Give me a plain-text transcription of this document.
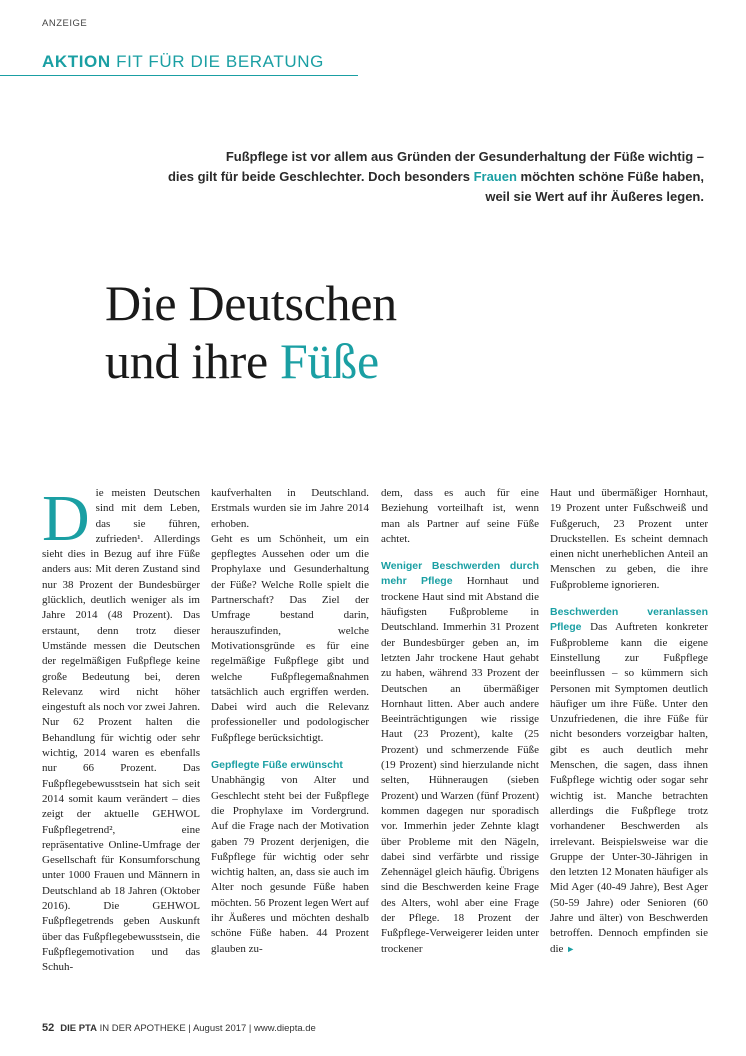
ANZEIGE
AKTION FIT FÜR DIE BERATUNG
Fußpflege ist vor allem aus Gründen der Gesunderhaltung der Füße wichtig –
dies gilt für beide Geschlechter. Doch besonders Frauen möchten schöne Füße haben,
weil sie Wert auf ihr Äußeres legen.
Die Deutschen
und ihre Füße
D ie meisten Deutschen sind mit dem Leben, das sie führen, zufrieden¹. Allerdings sieht dies in Bezug auf ihre Füße anders aus: Mit deren Zustand sind nur 38 Prozent der Bundesbürger glücklich, deutlich weniger als im Jahre 2014 (48 Prozent). Das erstaunt, denn trotz dieser Umstände messen die Deutschen der regelmäßigen Fußpflege keine große Bedeutung bei, deren Relevanz wird nicht höher eingestuft als noch vor zwei Jahren. Nur 62 Prozent halten die Behandlung für wichtig oder sehr wichtig, 2014 waren es ebenfalls nur 66 Prozent. Das Fußpflegebewusstsein hat sich seit 2014 somit kaum verändert – dies zeigt der aktuelle GEHWOL Fußpflegetrend², eine repräsentative Online-Umfrage der Gesellschaft für Konsumforschung unter 1000 Frauen und Männern in Deutschland ab 18 Jahren (Oktober 2016). Die GEHWOL Fußpflegetrends geben Auskunft über das Fußpflegebewusstsein, die Fußpflegemotivation und das Schuh-

kaufverhalten in Deutschland. Erstmals wurden sie im Jahre 2014 erhoben.

Geht es um Schönheit, um ein gepflegtes Aussehen oder um die Prophylaxe und Gesunderhaltung der Füße? Welche Rolle spielt die Partnerschaft? Das Ziel der Umfrage bestand darin, herauszufinden, welche Motivationsgründe es für eine regelmäßige Fußpflege gibt und welche Fußpflegemaßnahmen tatsächlich auch ergriffen werden. Dabei wird auch die Relevanz professioneller und podologischer Fußpflege berücksichtigt.

Gepflegte Füße erwünscht

Unabhängig von Alter und Geschlecht steht bei der Fußpflege die Prophylaxe im Vordergrund. Auf die Frage nach der Motivation gaben 79 Prozent derjenigen, die Fußpflege für wichtig oder sehr wichtig halten, an, dass sie auch im Alter noch gesunde Füße haben möchten. 56 Prozent legen Wert auf ihr Äußeres und möchten deshalb schöne Füße haben. 44 Prozent glauben zu-

dem, dass es auch für eine Beziehung vorteilhaft ist, wenn man als Partner auf seine Füße achtet.

Weniger Beschwerden durch mehr Pflege Hornhaut und trockene Haut sind mit Abstand die häufigsten Fußprobleme in Deutschland. Immerhin 31 Prozent der Bundesbürger geben an, im letzten Jahr trockene Haut gehabt zu haben, während 33 Prozent der Deutschen an übermäßiger Hornhaut litten. Aber auch andere Beeinträchtigungen wie rissige Haut (23 Prozent), kalte (25 Prozent) und schmerzende Füße (19 Prozent) sind hierzulande nicht selten, Hühneraugen (sieben Prozent) und Warzen (fünf Prozent) kommen dagegen nur sporadisch vor. Immerhin jeder Zehnte klagt über Probleme mit den Nägeln, dabei sind verfärbte und rissige Zehennägel gleich häufig. Übrigens sind die Beschwerden keine Frage des Alters, wohl aber eine Frage der Pflege. 18 Prozent der Fußpflege-Verweigerer leiden unter trockener

Haut und übermäßiger Hornhaut, 19 Prozent unter Fußschweiß und Fußgeruch, 23 Prozent unter Druckstellen. Es scheint demnach einen nicht unerheblichen Anteil an Menschen zu geben, die ihre Fußprobleme ignorieren.

Beschwerden veranlassen Pflege Das Auftreten konkreter Fußprobleme kann die eigene Einstellung zur Fußpflege beeinflussen – so kümmern sich Personen mit Symptomen deutlich häufiger um ihre Füße. Unter den Unzufriedenen, die ihre Füße für nicht besonders vorzeigbar halten, gibt es auch deutlich mehr Menschen, die sagen, dass ihnen Fußpflege wichtig oder sogar sehr wichtig ist. Manche betrachten allerdings die Fußpflege trotz vorhandener Beschwerden als irrelevant. Beispielsweise war die Gruppe der Unter-30-Jährigen in den letzten 12 Monaten häufiger als Mid Ager (40-49 Jahre), Best Ager (50-59 Jahre) oder Senioren (60 Jahre und älter) von Beschwerden betroffen. Dennoch empfinden sie die ►

52 DIE PTA IN DER APOTHEKE | August 2017 | www.diepta.de
